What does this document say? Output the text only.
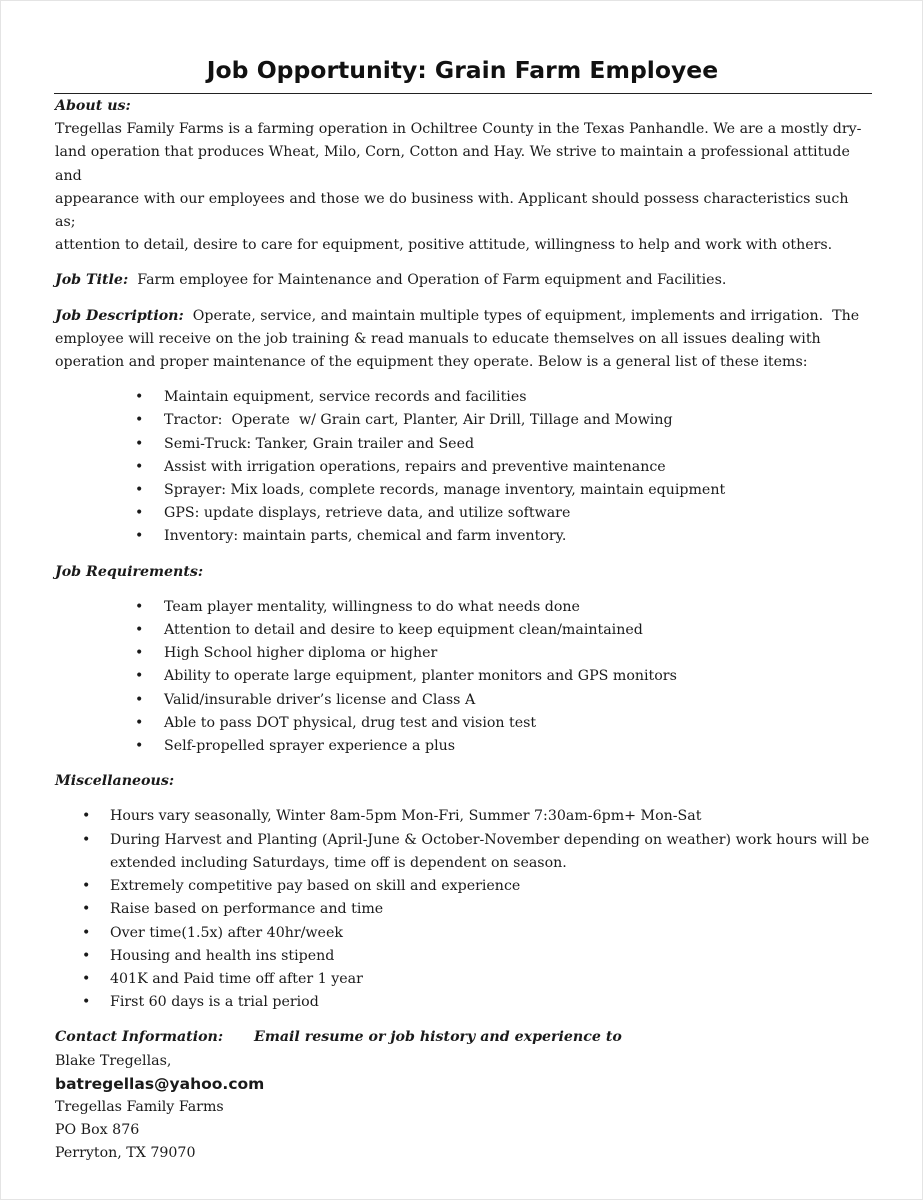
Job Opportunity: Grain Farm Employee
About us:
Tregellas Family Farms is a farming operation in Ochiltree County in the Texas Panhandle. We are a mostly dry-
land operation that produces Wheat, Milo, Corn, Cotton and Hay. We strive to maintain a professional attitude and
appearance with our employees and those we do business with. Applicant should possess characteristics such as;
attention to detail, desire to care for equipment, positive attitude, willingness to help and work with others.
Job Title:  Farm employee for Maintenance and Operation of Farm equipment and Facilities.
Job Description:  Operate, service, and maintain multiple types of equipment, implements and irrigation.  The
employee will receive on the job training & read manuals to educate themselves on all issues dealing with
operation and proper maintenance of the equipment they operate. Below is a general list of these items:
• Maintain equipment, service records and facilities
• Tractor:  Operate  w/ Grain cart, Planter, Air Drill, Tillage and Mowing
• Semi-Truck: Tanker, Grain trailer and Seed
• Assist with irrigation operations, repairs and preventive maintenance
• Sprayer: Mix loads, complete records, manage inventory, maintain equipment
• GPS: update displays, retrieve data, and utilize software
• Inventory: maintain parts, chemical and farm inventory.
Job Requirements:
• Team player mentality, willingness to do what needs done
• Attention to detail and desire to keep equipment clean/maintained
• High School higher diploma or higher
• Ability to operate large equipment, planter monitors and GPS monitors
• Valid/insurable driver’s license and Class A
• Able to pass DOT physical, drug test and vision test
• Self-propelled sprayer experience a plus
Miscellaneous:
• Hours vary seasonally, Winter 8am-5pm Mon-Fri, Summer 7:30am-6pm+ Mon-Sat
• During Harvest and Planting (April-June & October-November depending on weather) work hours will be
extended including Saturdays, time off is dependent on season.
• Extremely competitive pay based on skill and experience
• Raise based on performance and time
• Over time(1.5x) after 40hr/week
• Housing and health ins stipend
• 401K and Paid time off after 1 year
• First 60 days is a trial period
Contact Information: Email resume or job history and experience to
Blake Tregellas,
batregellas@yahoo.com
Tregellas Family Farms
PO Box 876
Perryton, TX 79070
